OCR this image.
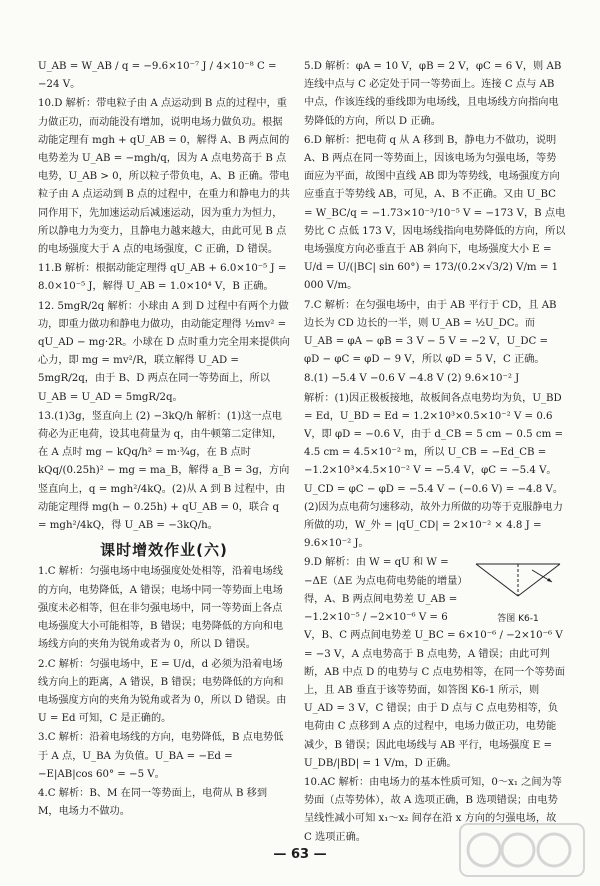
U_AB = W_AB / q = −9.6×10⁻⁷ J / 4×10⁻⁸ C = −24 V。
10.D 解析：带电粒子由 A 点运动到 B 点的过程中，重力做正功，而动能没有增加，说明电场力做负功。根据动能定理有 mgh + qU_AB = 0，解得 A、B 两点间的电势差为 U_AB = −mgh/q，因为 A 点电势高于 B 点电势，U_AB > 0，所以粒子带负电，A、B 正确。带电粒子由 A 点运动到 B 点的过程中，在重力和静电力的共同作用下，先加速运动后减速运动，因为重力为恒力，所以静电力为变力，且静电力越来越大，由此可见 B 点的电场强度大于 A 点的电场强度，C 正确，D 错误。
11.B 解析：根据动能定理得 qU_AB + 6.0×10⁻⁵ J = 8.0×10⁻⁵ J，解得 U_AB = 1.0×10⁴ V，B 正确。
12. 5mgR/2q 解析：小球由 A 到 D 过程中有两个力做功，即重力做功和静电力做功，由动能定理得 ½mv² = qU_AD − mg·2R。小球在 D 点时重力完全用来提供向心力，即 mg = mv²/R，联立解得 U_AD = 5mgR/2q，由于 B、D 两点在同一等势面上，所以 U_AB = U_AD = 5mgR/2q。
13.(1)3g，竖直向上 (2) −3kQ/h 解析：(1)这一点电荷必为正电荷，设其电荷量为 q，由牛顿第二定律知，在 A 点时 mg − kQq/h² = m·¾g，在 B 点时 kQq/(0.25h)² − mg = ma_B，解得 a_B = 3g，方向竖直向上，q = mgh²/4kQ。(2)从 A 到 B 过程中，由动能定理得 mg(h − 0.25h) + qU_AB = 0，联合 q = mgh²/4kQ，得 U_AB = −3kQ/h。
课时增效作业(六)
1.C 解析：匀强电场中电场强度处处相等，沿着电场线的方向，电势降低，A 错误；电场中同一等势面上电场强度未必相等，但在非匀强电场中，同一等势面上各点电场强度大小可能相等，B 错误；电势降低的方向和电场线方向的夹角为锐角或者为 0，所以 D 错误。
2.C 解析：匀强电场中，E = U/d，d 必须为沿着电场线方向上的距离，A 错误，B 错误；电势降低的方向和电场强度方向的夹角为锐角或者为 0，所以 D 错误。由 U = Ed 可知，C 是正确的。
3.C 解析：沿着电场线的方向，电势降低，B 点电势低于 A 点，U_BA 为负值。U_BA = −Ed = −E|AB|cos 60° = −5 V。
4.C 解析：B、M 在同一等势面上，电荷从 B 移到 M，电场力不做功。
5.D 解析：φA = 10 V，φB = 2 V，φC = 6 V，则 AB 连线中点与 C 必定处于同一等势面上。连接 C 点与 AB 中点，作该连线的垂线即为电场线，且电场线方向指向电势降低的方向，所以 D 正确。
6.D 解析：把电荷 q 从 A 移到 B，静电力不做功，说明 A、B 两点在同一等势面上，因该电场为匀强电场，等势面应为平面，故图中直线 AB 即为等势线，电场强度方向应垂直于等势线 AB，可见，A、B 不正确。又由 U_BC = W_BC/q = −1.73×10⁻³/10⁻⁵ V = −173 V，B 点电势比 C 点低 173 V，因电场线指向电势降低的方向，所以电场强度方向必垂直于 AB 斜向下，电场强度大小 E = U/d = U/(|BC| sin 60°) = 173/(0.2×√3/2) V/m = 1 000 V/m。
7.C 解析：在匀强电场中，由于 AB 平行于 CD，且 AB 边长为 CD 边长的一半，则 U_AB = ½U_DC。而 U_AB = φA − φB = 3 V − 5 V = −2 V，U_DC = φD − φC = φD − 9 V，所以 φD = 5 V，C 正确。
8.(1) −5.4 V −0.6 V −4.8 V (2) 9.6×10⁻² J
解析：(1)因正极板接地，故板间各点电势均为负，U_BD = Ed，U_BD = Ed = 1.2×10³×0.5×10⁻² V = 0.6 V，即 φD = −0.6 V，由于 d_CB = 5 cm − 0.5 cm = 4.5 cm = 4.5×10⁻² m，所以 U_CB = −Ed_CB = −1.2×10³×4.5×10⁻² V = −5.4 V，φC = −5.4 V。U_CD = φC − φD = −5.4 V − (−0.6 V) = −4.8 V。(2)因为点电荷匀速移动，故外力所做的功等于克服静电力所做的功，W_外 = |qU_CD| = 2×10⁻² × 4.8 J = 9.6×10⁻² J。
答图 K6-1
9.D 解析：由 W = qU 和 W = −ΔE（ΔE 为点电荷电势能的增量）得，A、B 两点间电势差 U_AB = −1.2×10⁻⁵ / −2×10⁻⁶ V = 6 V，B、C 两点间电势差 U_BC = 6×10⁻⁶ / −2×10⁻⁶ V = −3 V，A 点电势高于 B 点电势，A 错误；由此可判断，AB 中点 D 的电势与 C 点电势相等，在同一个等势面上，且 AB 垂直于该等势面，如答图 K6-1 所示，则 U_AD = 3 V，C 错误；由于 D 点与 C 点电势相等，负电荷由 C 点移到 A 点的过程中，电场力做正功，电势能减少，B 错误；因此电场线与 AB 平行，电场强度 E = U_DB/|BD| = 1 V/m，D 正确。
10.AC 解析：由电场力的基本性质可知，0～x₁ 之间为等势面（点等势体），故 A 选项正确，B 选项错误；由电势呈线性减小可知 x₁～x₂ 间存在沿 x 方向的匀强电场，故 C 选项正确。
— 63 —
